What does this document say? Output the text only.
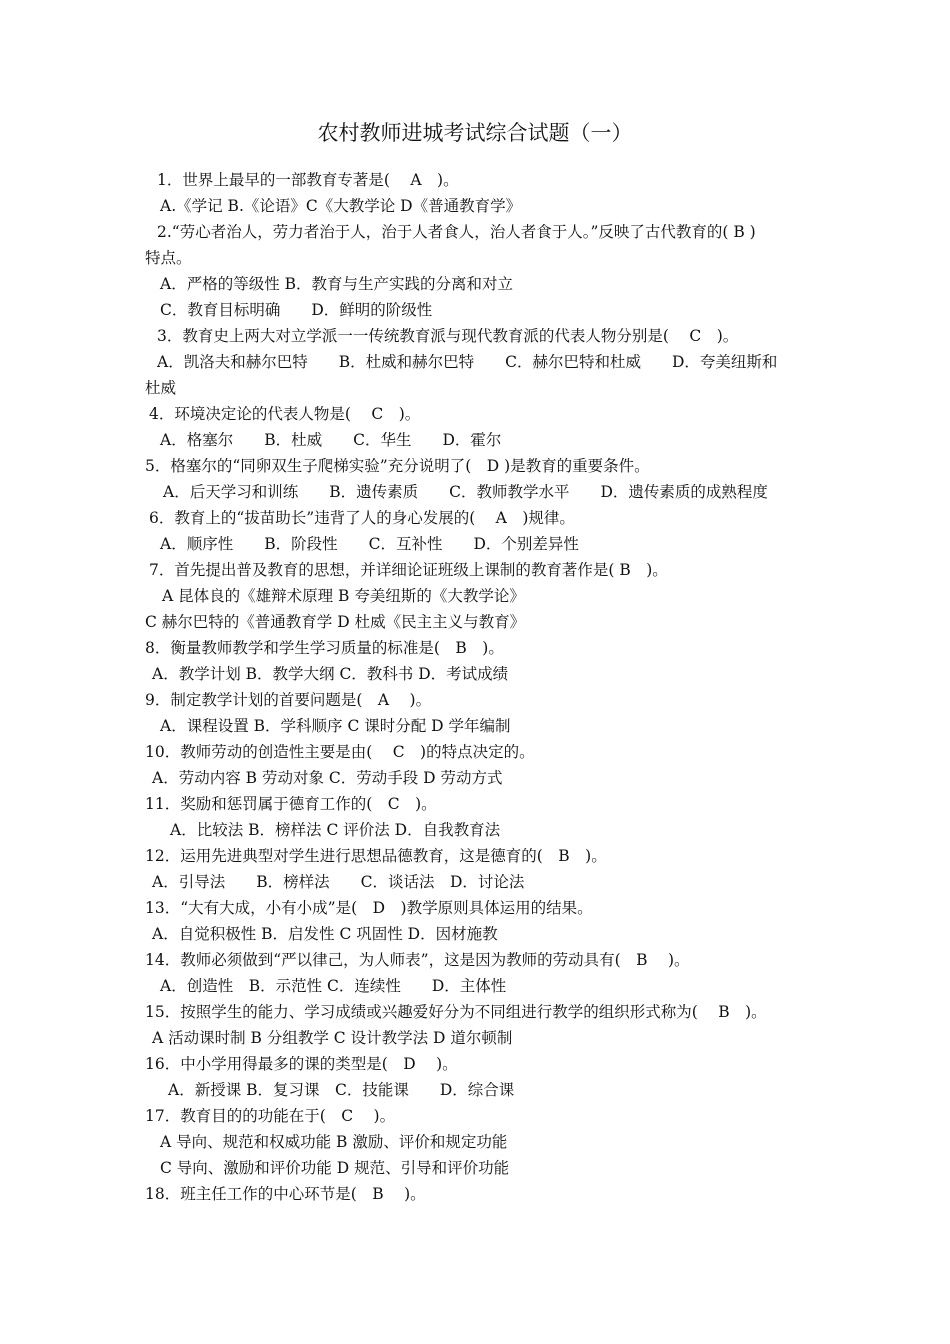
农村教师进城考试综合试题（一）
1．世界上最早的一部教育专著是(　 A　)。
A.《学记 B.《论语》C《大教学论 D《普通教育学》
2.“劳心者治人，劳力者治于人，治于人者食人，治人者食于人。”反映了古代教育的( B )
特点。
A．严格的等级性 B．教育与生产实践的分离和对立
C．教育目标明确　　D．鲜明的阶级性
3．教育史上两大对立学派一一传统教育派与现代教育派的代表人物分别是(　 C　)。
A．凯洛夫和赫尔巴特　　B．杜威和赫尔巴特　　C．赫尔巴特和杜威　　D．夸美纽斯和
杜威
4．环境决定论的代表人物是(　 C　)。
A．格塞尔　　B．杜威　　C．华生　　D．霍尔
5．格塞尔的“同卵双生子爬梯实验”充分说明了(　D )是教育的重要条件。
A．后天学习和训练　　B．遗传素质　　C．教师教学水平　　D．遗传素质的成熟程度
6．教育上的“拔苗助长”违背了人的身心发展的(　 A　)规律。
A．顺序性　　B．阶段性　　C．互补性　　D．个别差异性
7．首先提出普及教育的思想，并详细论证班级上课制的教育著作是( B　)。
A 昆体良的《雄辩术原理 B 夸美纽斯的《大教学论》
C 赫尔巴特的《普通教育学 D 杜威《民主主义与教育》
8．衡量教师教学和学生学习质量的标准是(　B　)。
A．教学计划 B．教学大纲 C．教科书 D．考试成绩
9．制定教学计划的首要问题是(　A　 )。
A．课程设置 B．学科顺序 C 课时分配 D 学年编制
10．教师劳动的创造性主要是由(　 C　)的特点决定的。
A．劳动内容 B 劳动对象 C．劳动手段 D 劳动方式
11．奖励和惩罚属于德育工作的(　C　)。
A．比较法 B．榜样法 C 评价法 D．自我教育法
12．运用先进典型对学生进行思想品德教育，这是德育的(　B　)。
A．引导法　　B．榜样法　　C．谈话法　D．讨论法
13．“大有大成，小有小成”是(　D　)教学原则具体运用的结果。
A．自觉积极性 B．启发性 C 巩固性 D．因材施教
14．教师必须做到“严以律己，为人师表”，这是因为教师的劳动具有(　B　 )。
A．创造性　B．示范性 C．连续性　　D．主体性
15．按照学生的能力、学习成绩或兴趣爱好分为不同组进行教学的组织形式称为(　 B　)。
A 活动课时制 B 分组教学 C 设计教学法 D 道尔顿制
16．中小学用得最多的课的类型是(　D　 )。
A．新授课 B．复习课　C．技能课　　D．综合课
17．教育目的的功能在于(　C　 )。
A 导向、规范和权威功能 B 激励、评价和规定功能
C 导向、激励和评价功能 D 规范、引导和评价功能
18．班主任工作的中心环节是(　B　 )。
